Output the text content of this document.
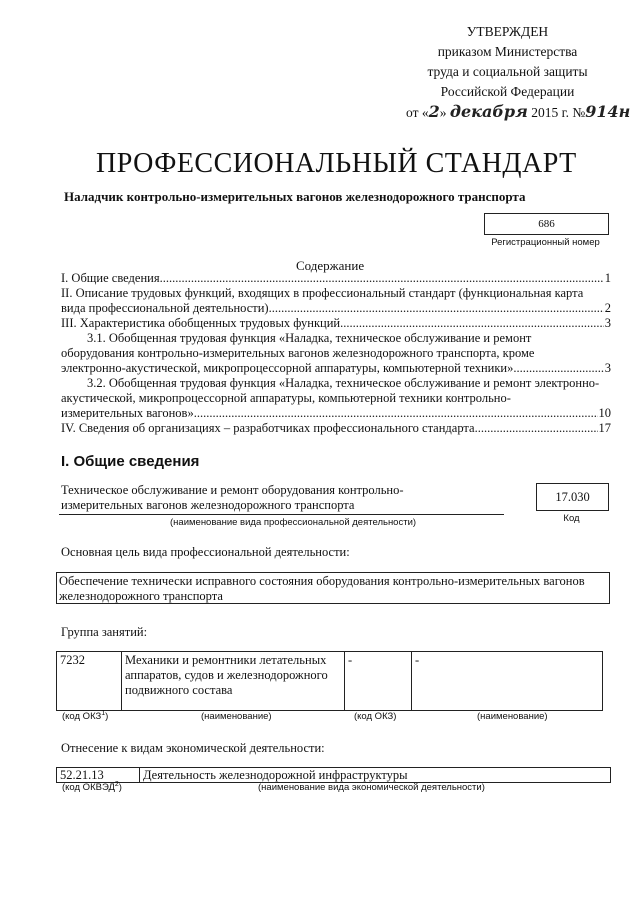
УТВЕРЖДЕН
приказом Министерства
труда и социальной защиты
Российской Федерации
от «2» декабря 2015 г. №914н
ПРОФЕССИОНАЛЬНЫЙ СТАНДАРТ
Наладчик контрольно-измерительных вагонов железнодорожного транспорта
686
Регистрационный номер
Содержание
I. Общие сведения .....	1
II. Описание трудовых функций, входящих в профессиональный стандарт (функциональная карта
вида профессиональной деятельности) .....	2
III. Характеристика обобщенных трудовых функций .....	3
3.1. Обобщенная трудовая функция «Наладка, техническое обслуживание и ремонт
оборудования контрольно-измерительных вагонов железнодорожного транспорта, кроме
электронно-акустической, микропроцессорной аппаратуры, компьютерной техники» .....	3
3.2. Обобщенная трудовая функция «Наладка, техническое обслуживание и ремонт электронно-
акустической, микропроцессорной аппаратуры, компьютерной техники контрольно-
измерительных вагонов» .....	10
IV. Сведения об организациях – разработчиках профессионального стандарта .....	17
I. Общие сведения
Техническое обслуживание и ремонт оборудования контрольно-
измерительных вагонов железнодорожного транспорта
(наименование вида профессиональной деятельности)
17.030
Код
Основная цель вида профессиональной деятельности:
Обеспечение технически исправного состояния оборудования контрольно-измерительных вагонов железнодорожного транспорта
Группа занятий:
7232	Механики и ремонтники летательных аппаратов, судов и железнодорожного подвижного состава	-	-
(код ОКЗ$^1$)	(наименование)	(код ОКЗ)	(наименование)
Отнесение к видам экономической деятельности:
52.21.13	Деятельность железнодорожной инфраструктуры
(код ОКВЭД$^2$)	(наименование вида экономической деятельности)
